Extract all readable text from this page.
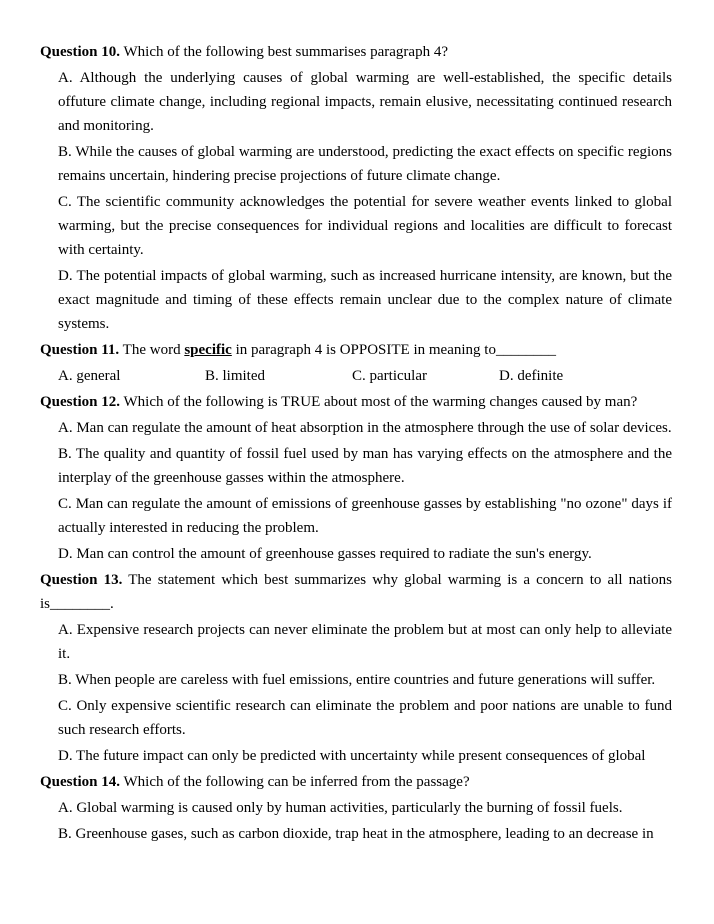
Question 10. Which of the following best summarises paragraph 4?

A. Although the underlying causes of global warming are well-established, the specific details offuture climate change, including regional impacts, remain elusive, necessitating continued research and monitoring.

B. While the causes of global warming are understood, predicting the exact effects on specific regions remains uncertain, hindering precise projections of future climate change.

C. The scientific community acknowledges the potential for severe weather events linked to global warming, but the precise consequences for individual regions and localities are difficult to forecast with certainty.

D. The potential impacts of global warming, such as increased hurricane intensity, are known, but the exact magnitude and timing of these effects remain unclear due to the complex nature of climate systems.

Question 11. The word specific in paragraph 4 is OPPOSITE in meaning to________

A. general	B. limited	C. particular	D. definite

Question 12. Which of the following is TRUE about most of the warming changes caused by man?

A. Man can regulate the amount of heat absorption in the atmosphere through the use of solar devices.

B. The quality and quantity of fossil fuel used by man has varying effects on the atmosphere and the interplay of the greenhouse gasses within the atmosphere.

C. Man can regulate the amount of emissions of greenhouse gasses by establishing "no ozone" days if actually interested in reducing the problem.

D. Man can control the amount of greenhouse gasses required to radiate the sun's energy.

Question 13. The statement which best summarizes why global warming is a concern to all nations is________.

A. Expensive research projects can never eliminate the problem but at most can only help to alleviate it.

B. When people are careless with fuel emissions, entire countries and future generations will suffer.

C. Only expensive scientific research can eliminate the problem and poor nations are unable to fund such research efforts.

D. The future impact can only be predicted with uncertainty while present consequences of global

Question 14. Which of the following can be inferred from the passage?

A. Global warming is caused only by human activities, particularly the burning of fossil fuels.

B. Greenhouse gases, such as carbon dioxide, trap heat in the atmosphere, leading to an decrease in
